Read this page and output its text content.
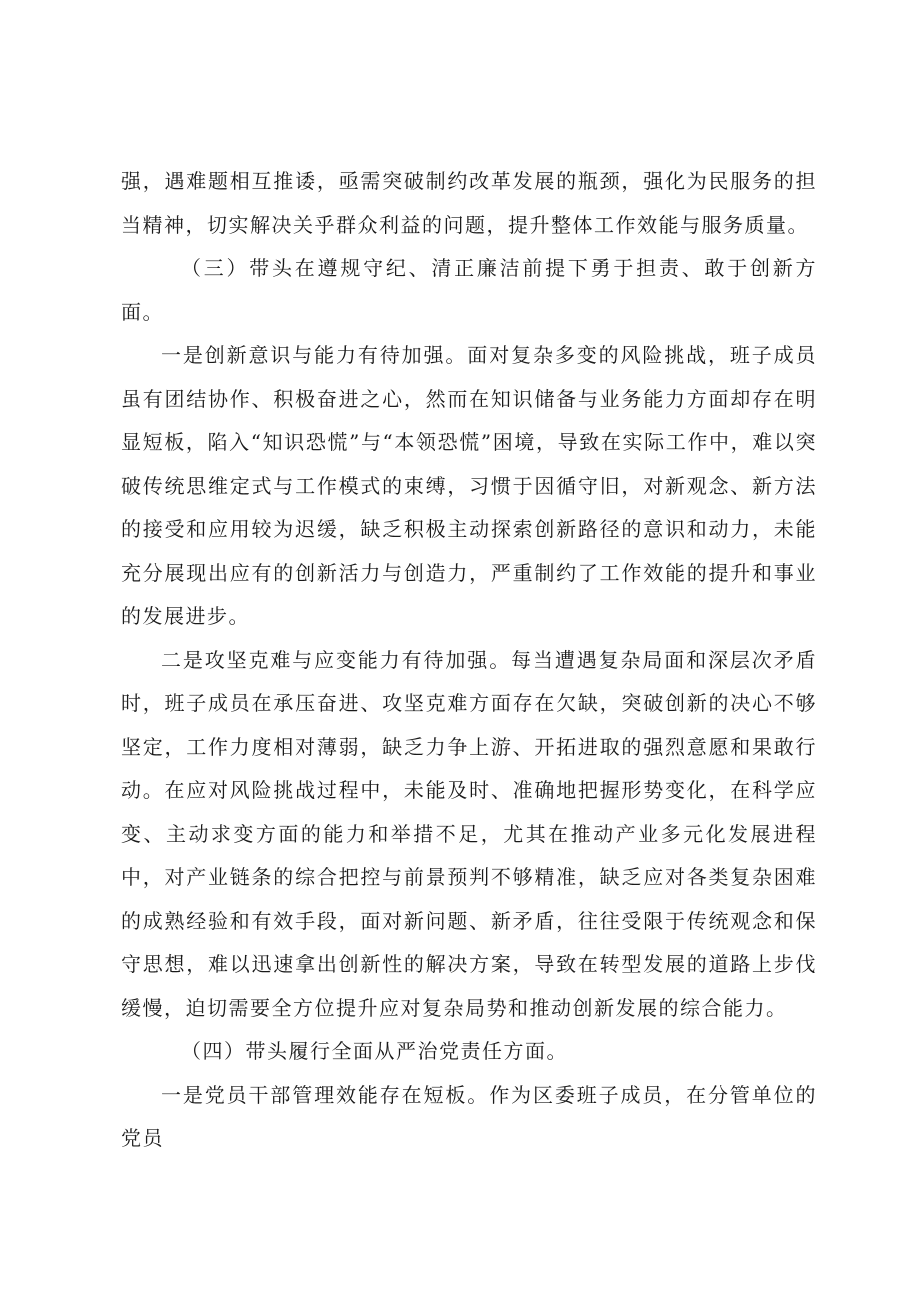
强，遇难题相互推诿，亟需突破制约改革发展的瓶颈，强化为民服务的担当精神，切实解决关乎群众利益的问题，提升整体工作效能与服务质量。

（三）带头在遵规守纪、清正廉洁前提下勇于担责、敢于创新方面。

一是创新意识与能力有待加强。面对复杂多变的风险挑战，班子成员虽有团结协作、积极奋进之心，然而在知识储备与业务能力方面却存在明显短板，陷入“知识恐慌”与“本领恐慌”困境，导致在实际工作中，难以突破传统思维定式与工作模式的束缚，习惯于因循守旧，对新观念、新方法的接受和应用较为迟缓，缺乏积极主动探索创新路径的意识和动力，未能充分展现出应有的创新活力与创造力，严重制约了工作效能的提升和事业的发展进步。

二是攻坚克难与应变能力有待加强。每当遭遇复杂局面和深层次矛盾时，班子成员在承压奋进、攻坚克难方面存在欠缺，突破创新的决心不够坚定，工作力度相对薄弱，缺乏力争上游、开拓进取的强烈意愿和果敢行动。在应对风险挑战过程中，未能及时、准确地把握形势变化，在科学应变、主动求变方面的能力和举措不足，尤其在推动产业多元化发展进程中，对产业链条的综合把控与前景预判不够精准，缺乏应对各类复杂困难的成熟经验和有效手段，面对新问题、新矛盾，往往受限于传统观念和保守思想，难以迅速拿出创新性的解决方案，导致在转型发展的道路上步伐缓慢，迫切需要全方位提升应对复杂局势和推动创新发展的综合能力。

（四）带头履行全面从严治党责任方面。

一是党员干部管理效能存在短板。作为区委班子成员，在分管单位的党员
